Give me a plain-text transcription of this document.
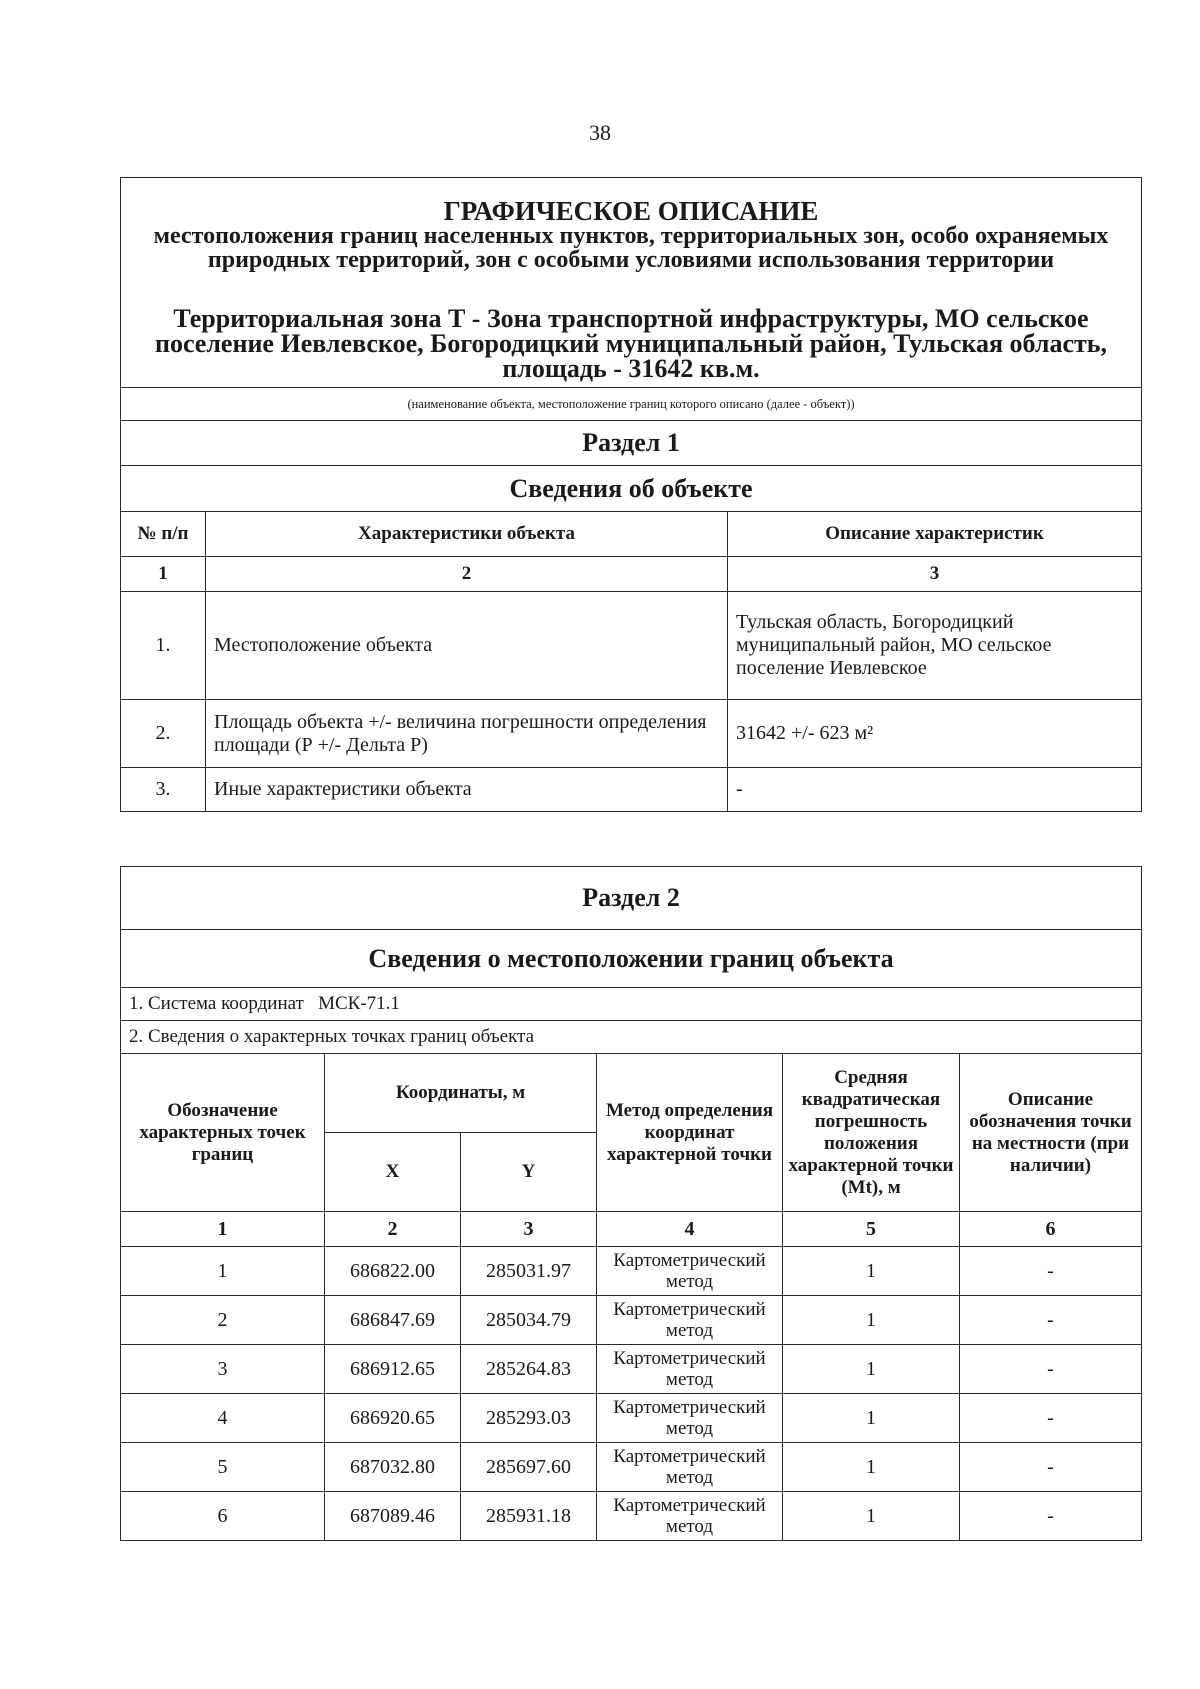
38
ГРАФИЧЕСКОЕ ОПИСАНИЕ
местоположения границ населенных пунктов, территориальных зон, особо охраняемых природных территорий, зон с особыми условиями использования территории
Территориальная зона Т - Зона транспортной инфраструктуры, МО сельское поселение Иевлевское, Богородицкий муниципальный район, Тульская область, площадь - 31642 кв.м.		

(наименование объекта, местоположение границ которого описано (далее - объект))		
Раздел 1		
Сведения об объекте		
№ п/п	Характеристики объекта	Описание характеристик
1	2	3
1.	Местоположение объекта	Тульская область, Богородицкий муниципальный район, МО сельское поселение Иевлевское
2.	Площадь объекта +/- величина погрешности определения площади (Р +/- Дельта Р)	31642 +/- 623 м²
3.	Иные характеристики объекта	-
Раздел 2					
Сведения о местоположении границ объекта					
1. Система координат   МСК-71.1					
2. Сведения о характерных точках границ объекта					
Обозначение характерных точек границ	Координаты, м		Метод определения координат характерной точки	Средняя квадратическая погрешность положения характерной точки (Mt), м	Описание обозначения точки на местности (при наличии)
	X	Y			
1	2	3	4	5	6
1	686822.00	285031.97	Картометрический метод	1	-
2	686847.69	285034.79	Картометрический метод	1	-
3	686912.65	285264.83	Картометрический метод	1	-
4	686920.65	285293.03	Картометрический метод	1	-
5	687032.80	285697.60	Картометрический метод	1	-
6	687089.46	285931.18	Картометрический метод	1	-
